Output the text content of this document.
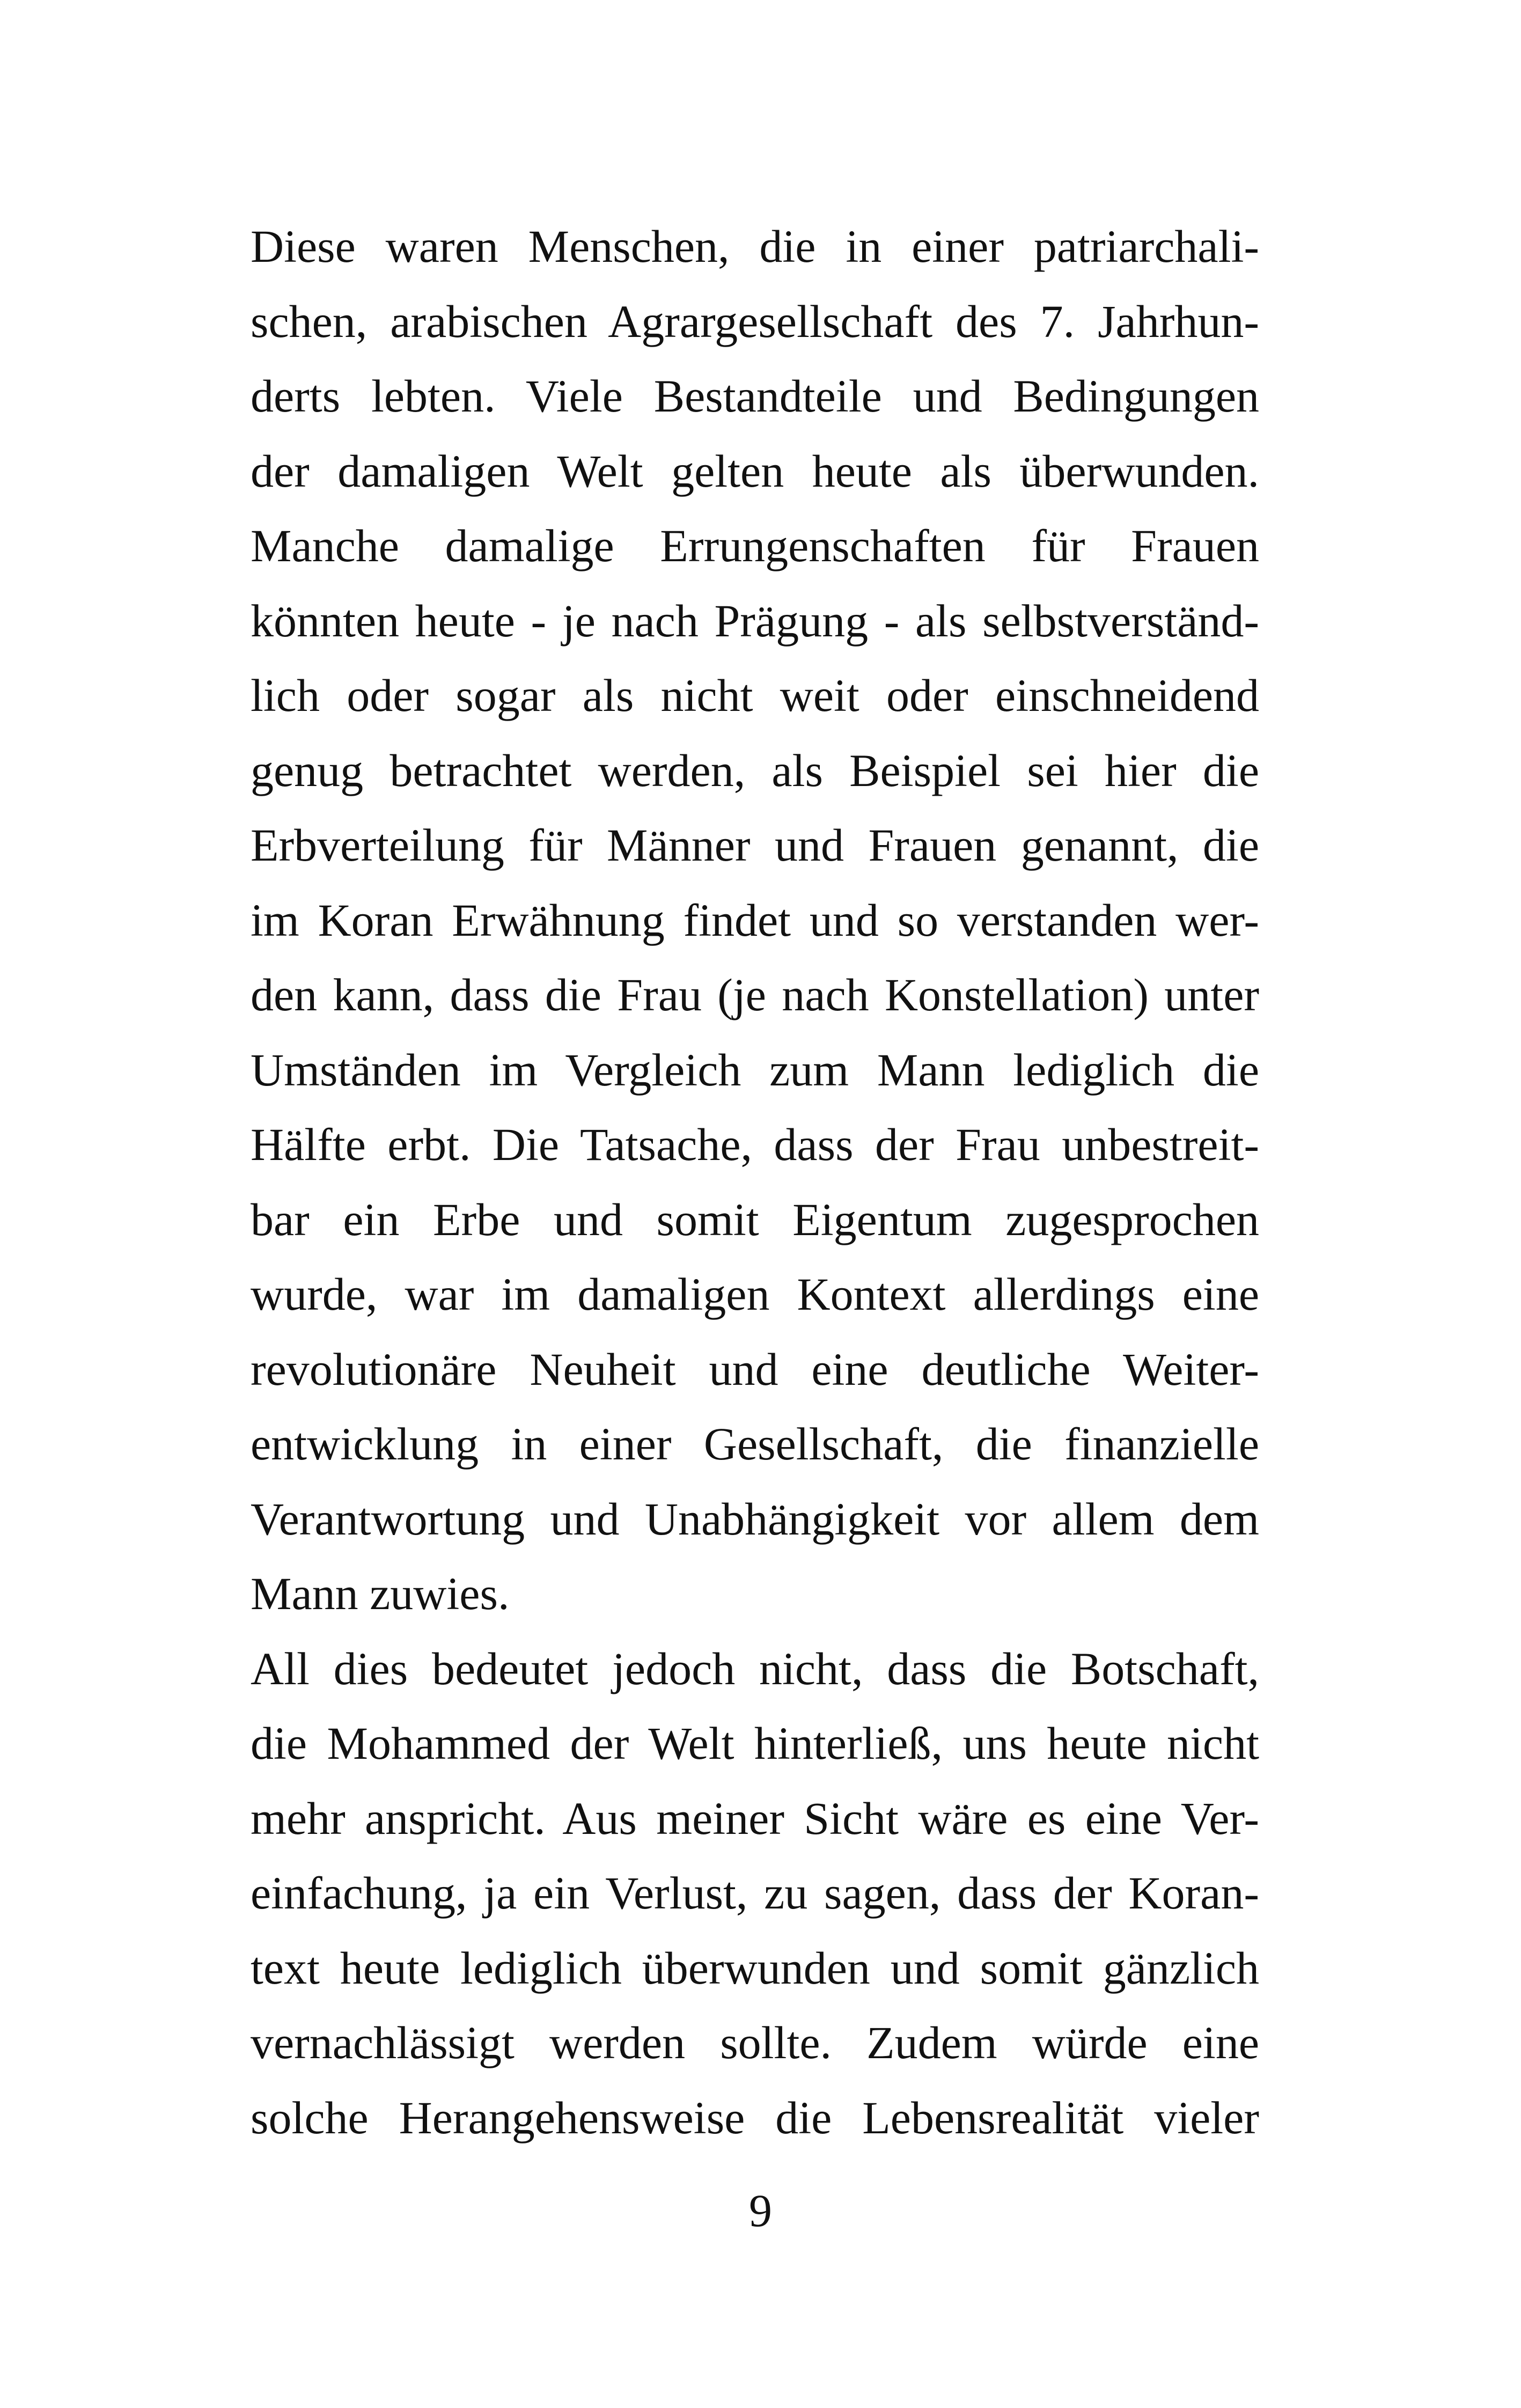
Diese waren Menschen, die in einer patriarchali-
schen, arabischen Agrargesellschaft des 7. Jahrhun-
derts lebten. Viele Bestandteile und Bedingungen
der damaligen Welt gelten heute als überwunden.
Manche damalige Errungenschaften für Frauen
könnten heute - je nach Prägung - als selbstverständ-
lich oder sogar als nicht weit oder einschneidend
genug betrachtet werden, als Beispiel sei hier die
Erbverteilung für Männer und Frauen genannt, die
im Koran Erwähnung findet und so verstanden wer-
den kann, dass die Frau (je nach Konstellation) unter
Umständen im Vergleich zum Mann lediglich die
Hälfte erbt. Die Tatsache, dass der Frau unbestreit-
bar ein Erbe und somit Eigentum zugesprochen
wurde, war im damaligen Kontext allerdings eine
revolutionäre Neuheit und eine deutliche Weiter-
entwicklung in einer Gesellschaft, die finanzielle
Verantwortung und Unabhängigkeit vor allem dem
Mann zuwies.
All dies bedeutet jedoch nicht, dass die Botschaft,
die Mohammed der Welt hinterließ, uns heute nicht
mehr anspricht. Aus meiner Sicht wäre es eine Ver-
einfachung, ja ein Verlust, zu sagen, dass der Koran-
text heute lediglich überwunden und somit gänzlich
vernachlässigt werden sollte. Zudem würde eine
solche Herangehensweise die Lebensrealität vieler
9
